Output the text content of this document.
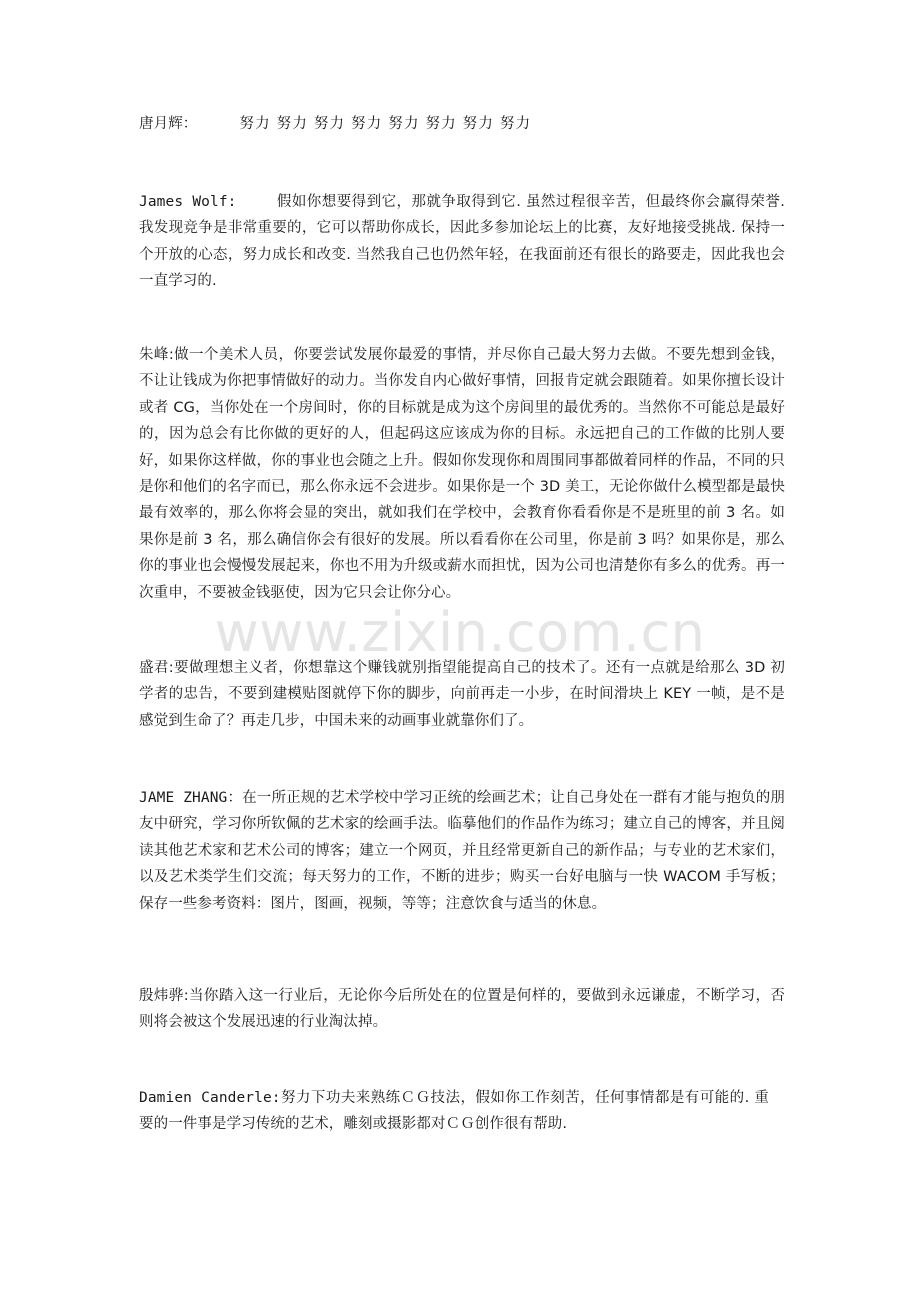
唐月辉：	努力 努力 努力 努力 努力 努力 努力 努力

James Wolf:	假如你想要得到它，那就争取得到它. 虽然过程很辛苦，但最终你会赢得荣誉. 我发现竞争是非常重要的，它可以帮助你成长，因此多参加论坛上的比赛，友好地接受挑战. 保持一个开放的心态，努力成长和改变. 当然我自己也仍然年轻，在我面前还有很长的路要走，因此我也会一直学习的.

朱峰:做一个美术人员，你要尝试发展你最爱的事情，并尽你自己最大努力去做。不要先想到金钱，不让让钱成为你把事情做好的动力。当你发自内心做好事情，回报肯定就会跟随着。如果你擅长设计或者 CG，当你处在一个房间时，你的目标就是成为这个房间里的最优秀的。当然你不可能总是最好的，因为总会有比你做的更好的人，但起码这应该成为你的目标。永远把自己的工作做的比别人要好，如果你这样做，你的事业也会随之上升。假如你发现你和周围同事都做着同样的作品，不同的只是你和他们的名字而已，那么你永远不会进步。如果你是一个 3D 美工，无论你做什么模型都是最快最有效率的，那么你将会显的突出，就如我们在学校中，会教育你看看你是不是班里的前 3 名。如果你是前 3 名，那么确信你会有很好的发展。所以看看你在公司里，你是前 3 吗？如果你是，那么你的事业也会慢慢发展起来，你也不用为升级或薪水而担忧，因为公司也清楚你有多么的优秀。再一次重申，不要被金钱驱使，因为它只会让你分心。

www.zixin.com.cn

盛君:要做理想主义者，你想靠这个赚钱就别指望能提高自己的技术了。还有一点就是给那么 3D 初学者的忠告，不要到建模贴图就停下你的脚步，向前再走一小步，在时间滑块上 KEY 一帧，是不是感觉到生命了？再走几步，中国未来的动画事业就靠你们了。

JAME ZHANG：在一所正规的艺术学校中学习正统的绘画艺术；让自己身处在一群有才能与抱负的朋友中研究，学习你所钦佩的艺术家的绘画手法。临摹他们的作品作为练习；建立自己的博客，并且阅读其他艺术家和艺术公司的博客；建立一个网页，并且经常更新自己的新作品；与专业的艺术家们，以及艺术类学生们交流；每天努力的工作，不断的进步；购买一台好电脑与一快 WACOM 手写板；保存一些参考资料：图片，图画，视频，等等；注意饮食与适当的休息。

殷炜骅:当你踏入这一行业后，无论你今后所处在的位置是何样的，要做到永远谦虚，不断学习，否则将会被这个发展迅速的行业淘汰掉。

Damien Canderle:努力下功夫来熟练ＣＧ技法，假如你工作刻苦，任何事情都是有可能的. 重要的一件事是学习传统的艺术，雕刻或摄影都对ＣＧ创作很有帮助.
